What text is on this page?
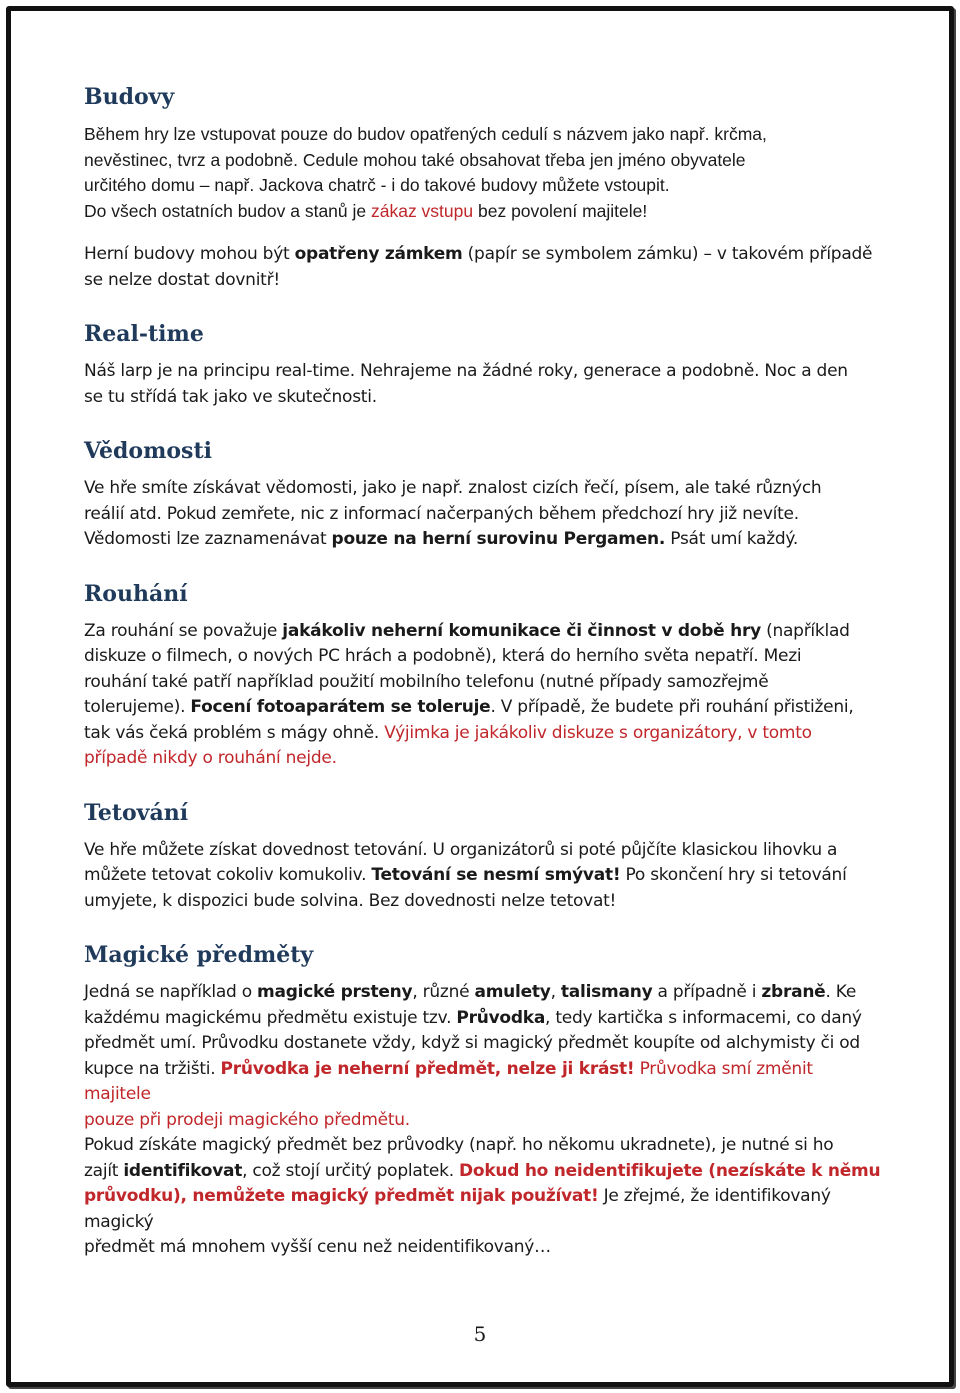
Budovy

Během hry lze vstupovat pouze do budov opatřených cedulí s názvem jako např. krčma,
nevěstinec, tvrz a podobně. Cedule mohou také obsahovat třeba jen jméno obyvatele
určitého domu – např. Jackova chatrč - i do takové budovy můžete vstoupit.
Do všech ostatních budov a stanů je zákaz vstupu bez povolení majitele!

Herní budovy mohou být opatřeny zámkem (papír se symbolem zámku) – v takovém případě
se nelze dostat dovnitř!

Real-time

Náš larp je na principu real-time. Nehrajeme na žádné roky, generace a podobně. Noc a den
se tu střídá tak jako ve skutečnosti.

Vědomosti

Ve hře smíte získávat vědomosti, jako je např. znalost cizích řečí, písem, ale také různých
reálií atd. Pokud zemřete, nic z informací načerpaných během předchozí hry již nevíte.
Vědomosti lze zaznamenávat pouze na herní surovinu Pergamen. Psát umí každý.

Rouhání

Za rouhání se považuje jakákoliv neherní komunikace či činnost v době hry (například
diskuze o filmech, o nových PC hrách a podobně), která do herního světa nepatří. Mezi
rouhání také patří například použití mobilního telefonu (nutné případy samozřejmě
tolerujeme). Focení fotoaparátem se toleruje. V případě, že budete při rouhání přistiženi,
tak vás čeká problém s mágy ohně. Výjimka je jakákoliv diskuze s organizátory, v tomto
případě nikdy o rouhání nejde.

Tetování

Ve hře můžete získat dovednost tetování. U organizátorů si poté půjčíte klasickou lihovku a
můžete tetovat cokoliv komukoliv. Tetování se nesmí smývat! Po skončení hry si tetování
umyjete, k dispozici bude solvina. Bez dovednosti nelze tetovat!

Magické předměty

Jedná se například o magické prsteny, různé amulety, talismany a případně i zbraně. Ke
každému magickému předmětu existuje tzv. Průvodka, tedy kartička s informacemi, co daný
předmět umí. Průvodku dostanete vždy, když si magický předmět koupíte od alchymisty či od
kupce na tržišti. Průvodka je neherní předmět, nelze ji krást! Průvodka smí změnit majitele
pouze při prodeji magického předmětu.

Pokud získáte magický předmět bez průvodky (např. ho někomu ukradnete), je nutné si ho
zajít identifikovat, což stojí určitý poplatek. Dokud ho neidentifikujete (nezískáte k němu
průvodku), nemůžete magický předmět nijak používat! Je zřejmé, že identifikovaný magický
předmět má mnohem vyšší cenu než neidentifikovaný…

5
